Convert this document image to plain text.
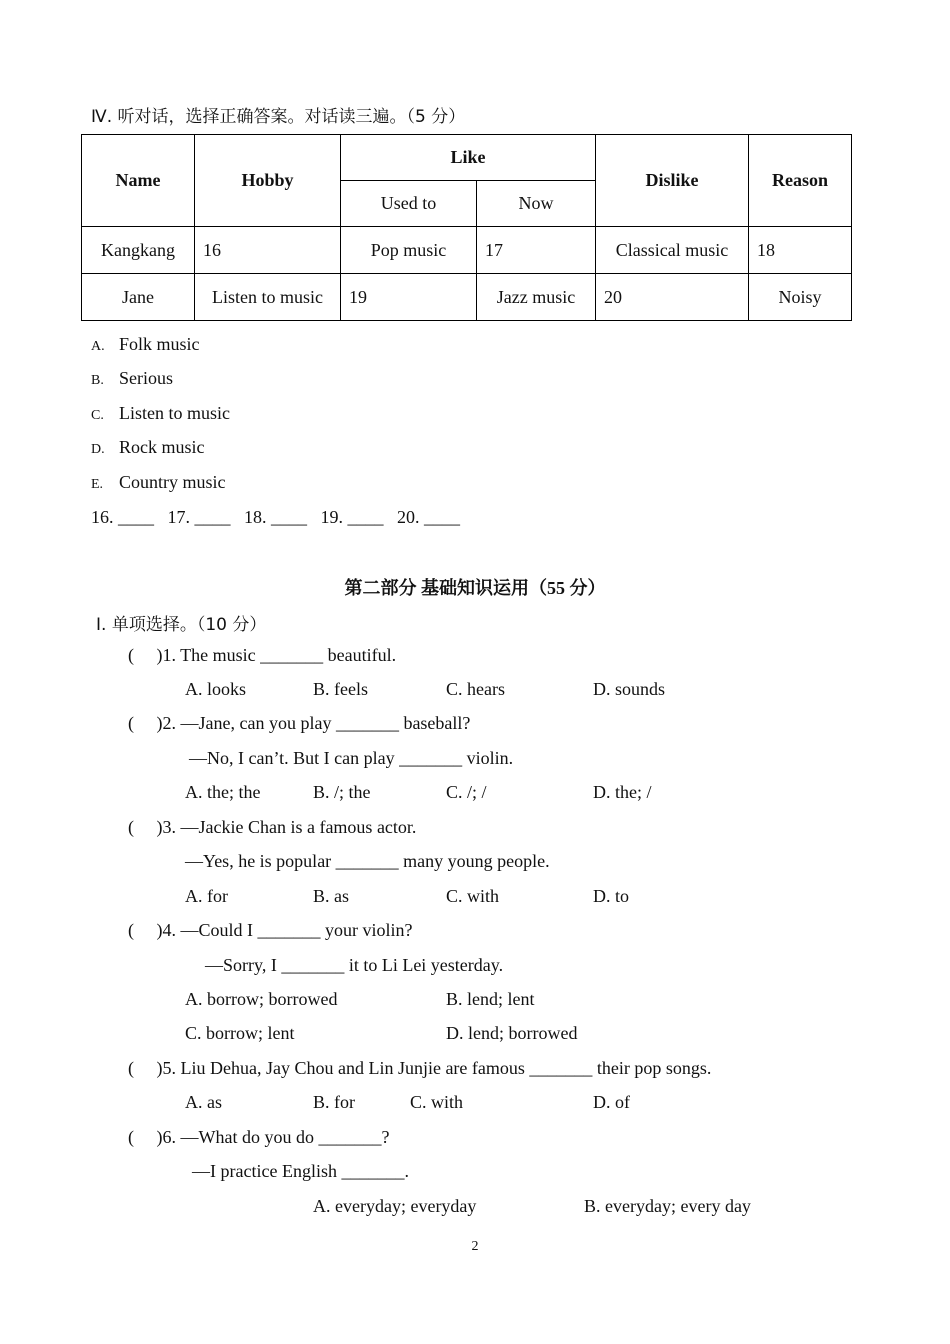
Ⅳ. 听对话，选择正确答案。对话读三遍。（5 分）
Name	Hobby	Like		Dislike	Reason
		Used to	Now		
Kangkang	16	Pop music	17	Classical music	18
Jane	Listen to music	19	Jazz music	20	Noisy
A. Folk music
B. Serious
C. Listen to music
D. Rock music
E. Country music
16. ____   17. ____   18. ____   19. ____   20. ____
第二部分 基础知识运用（55 分）
Ⅰ. 单项选择。（10 分）
(     )1. The music _______ beautiful.
A. looks	B. feels	C. hears	D. sounds
(     )2. —Jane, can you play _______ baseball?
—No, I can’t. But I can play _______ violin.
A. the; the	B. /; the	C. /; /	D. the; /
(     )3. —Jackie Chan is a famous actor.
—Yes, he is popular _______ many young people.
A. for	B. as	C. with	D. to
(     )4. —Could I _______ your violin?
—Sorry, I _______ it to Li Lei yesterday.
A. borrow; borrowed	B. lend; lent
C. borrow; lent	D. lend; borrowed
(     )5. Liu Dehua, Jay Chou and Lin Junjie are famous _______ their pop songs.
A. as	B. for	C. with	D. of
(     )6. —What do you do _______?
—I practice English _______.
A. everyday; everyday	B. everyday; every day
2
